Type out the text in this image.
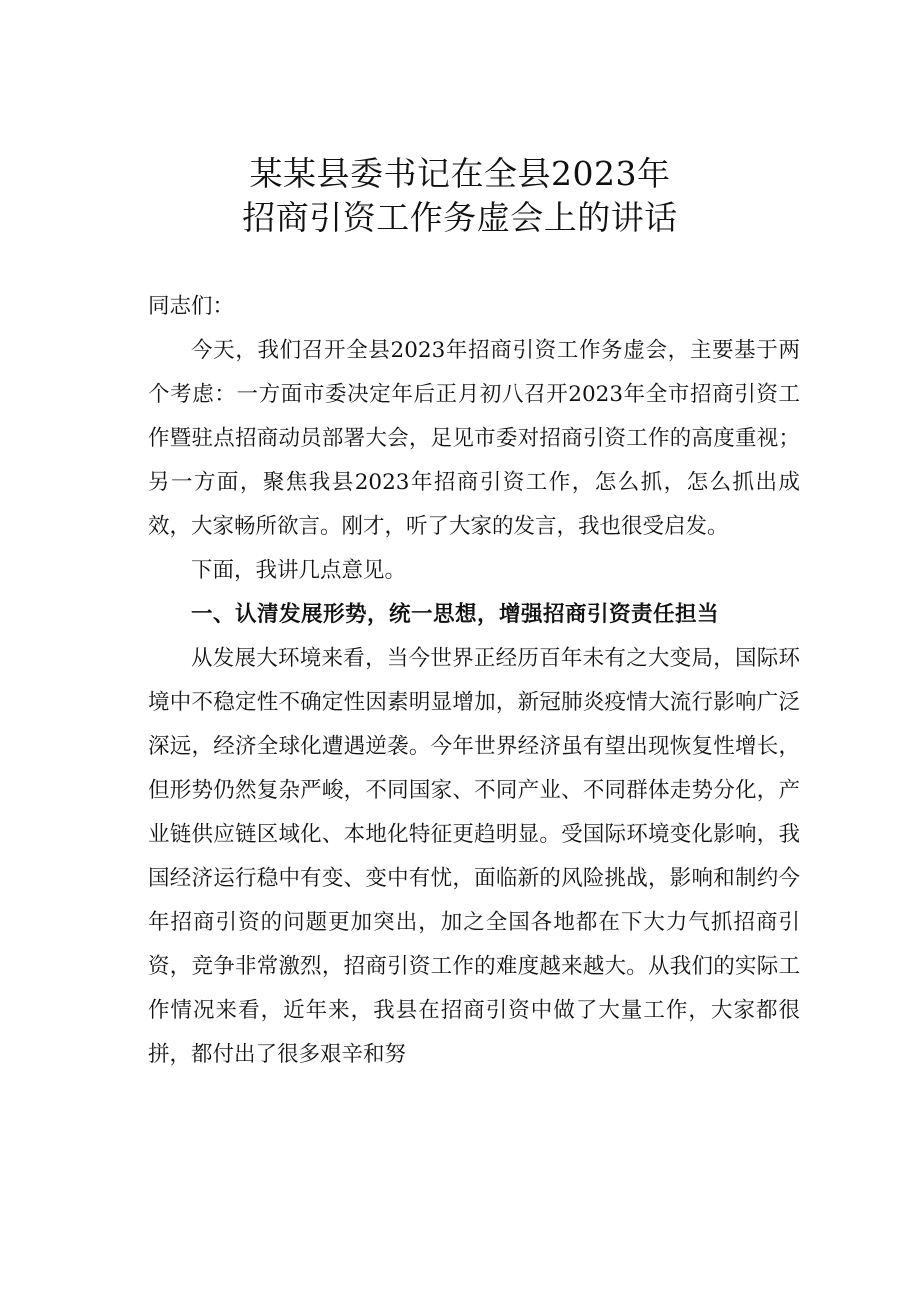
某某县委书记在全县2023年
招商引资工作务虚会上的讲话

同志们：

今天，我们召开全县2023年招商引资工作务虚会，主要基于两个考虑：一方面市委决定年后正月初八召开2023年全市招商引资工作暨驻点招商动员部署大会，足见市委对招商引资工作的高度重视；另一方面，聚焦我县2023年招商引资工作，怎么抓，怎么抓出成效，大家畅所欲言。刚才，听了大家的发言，我也很受启发。

下面，我讲几点意见。

一、认清发展形势，统一思想，增强招商引资责任担当

从发展大环境来看，当今世界正经历百年未有之大变局，国际环境中不稳定性不确定性因素明显增加，新冠肺炎疫情大流行影响广泛深远，经济全球化遭遇逆袭。今年世界经济虽有望出现恢复性增长，但形势仍然复杂严峻，不同国家、不同产业、不同群体走势分化，产业链供应链区域化、本地化特征更趋明显。受国际环境变化影响，我国经济运行稳中有变、变中有忧，面临新的风险挑战，影响和制约今年招商引资的问题更加突出，加之全国各地都在下大力气抓招商引资，竞争非常激烈，招商引资工作的难度越来越大。从我们的实际工作情况来看，近年来，我县在招商引资中做了大量工作，大家都很拼，都付出了很多艰辛和努
